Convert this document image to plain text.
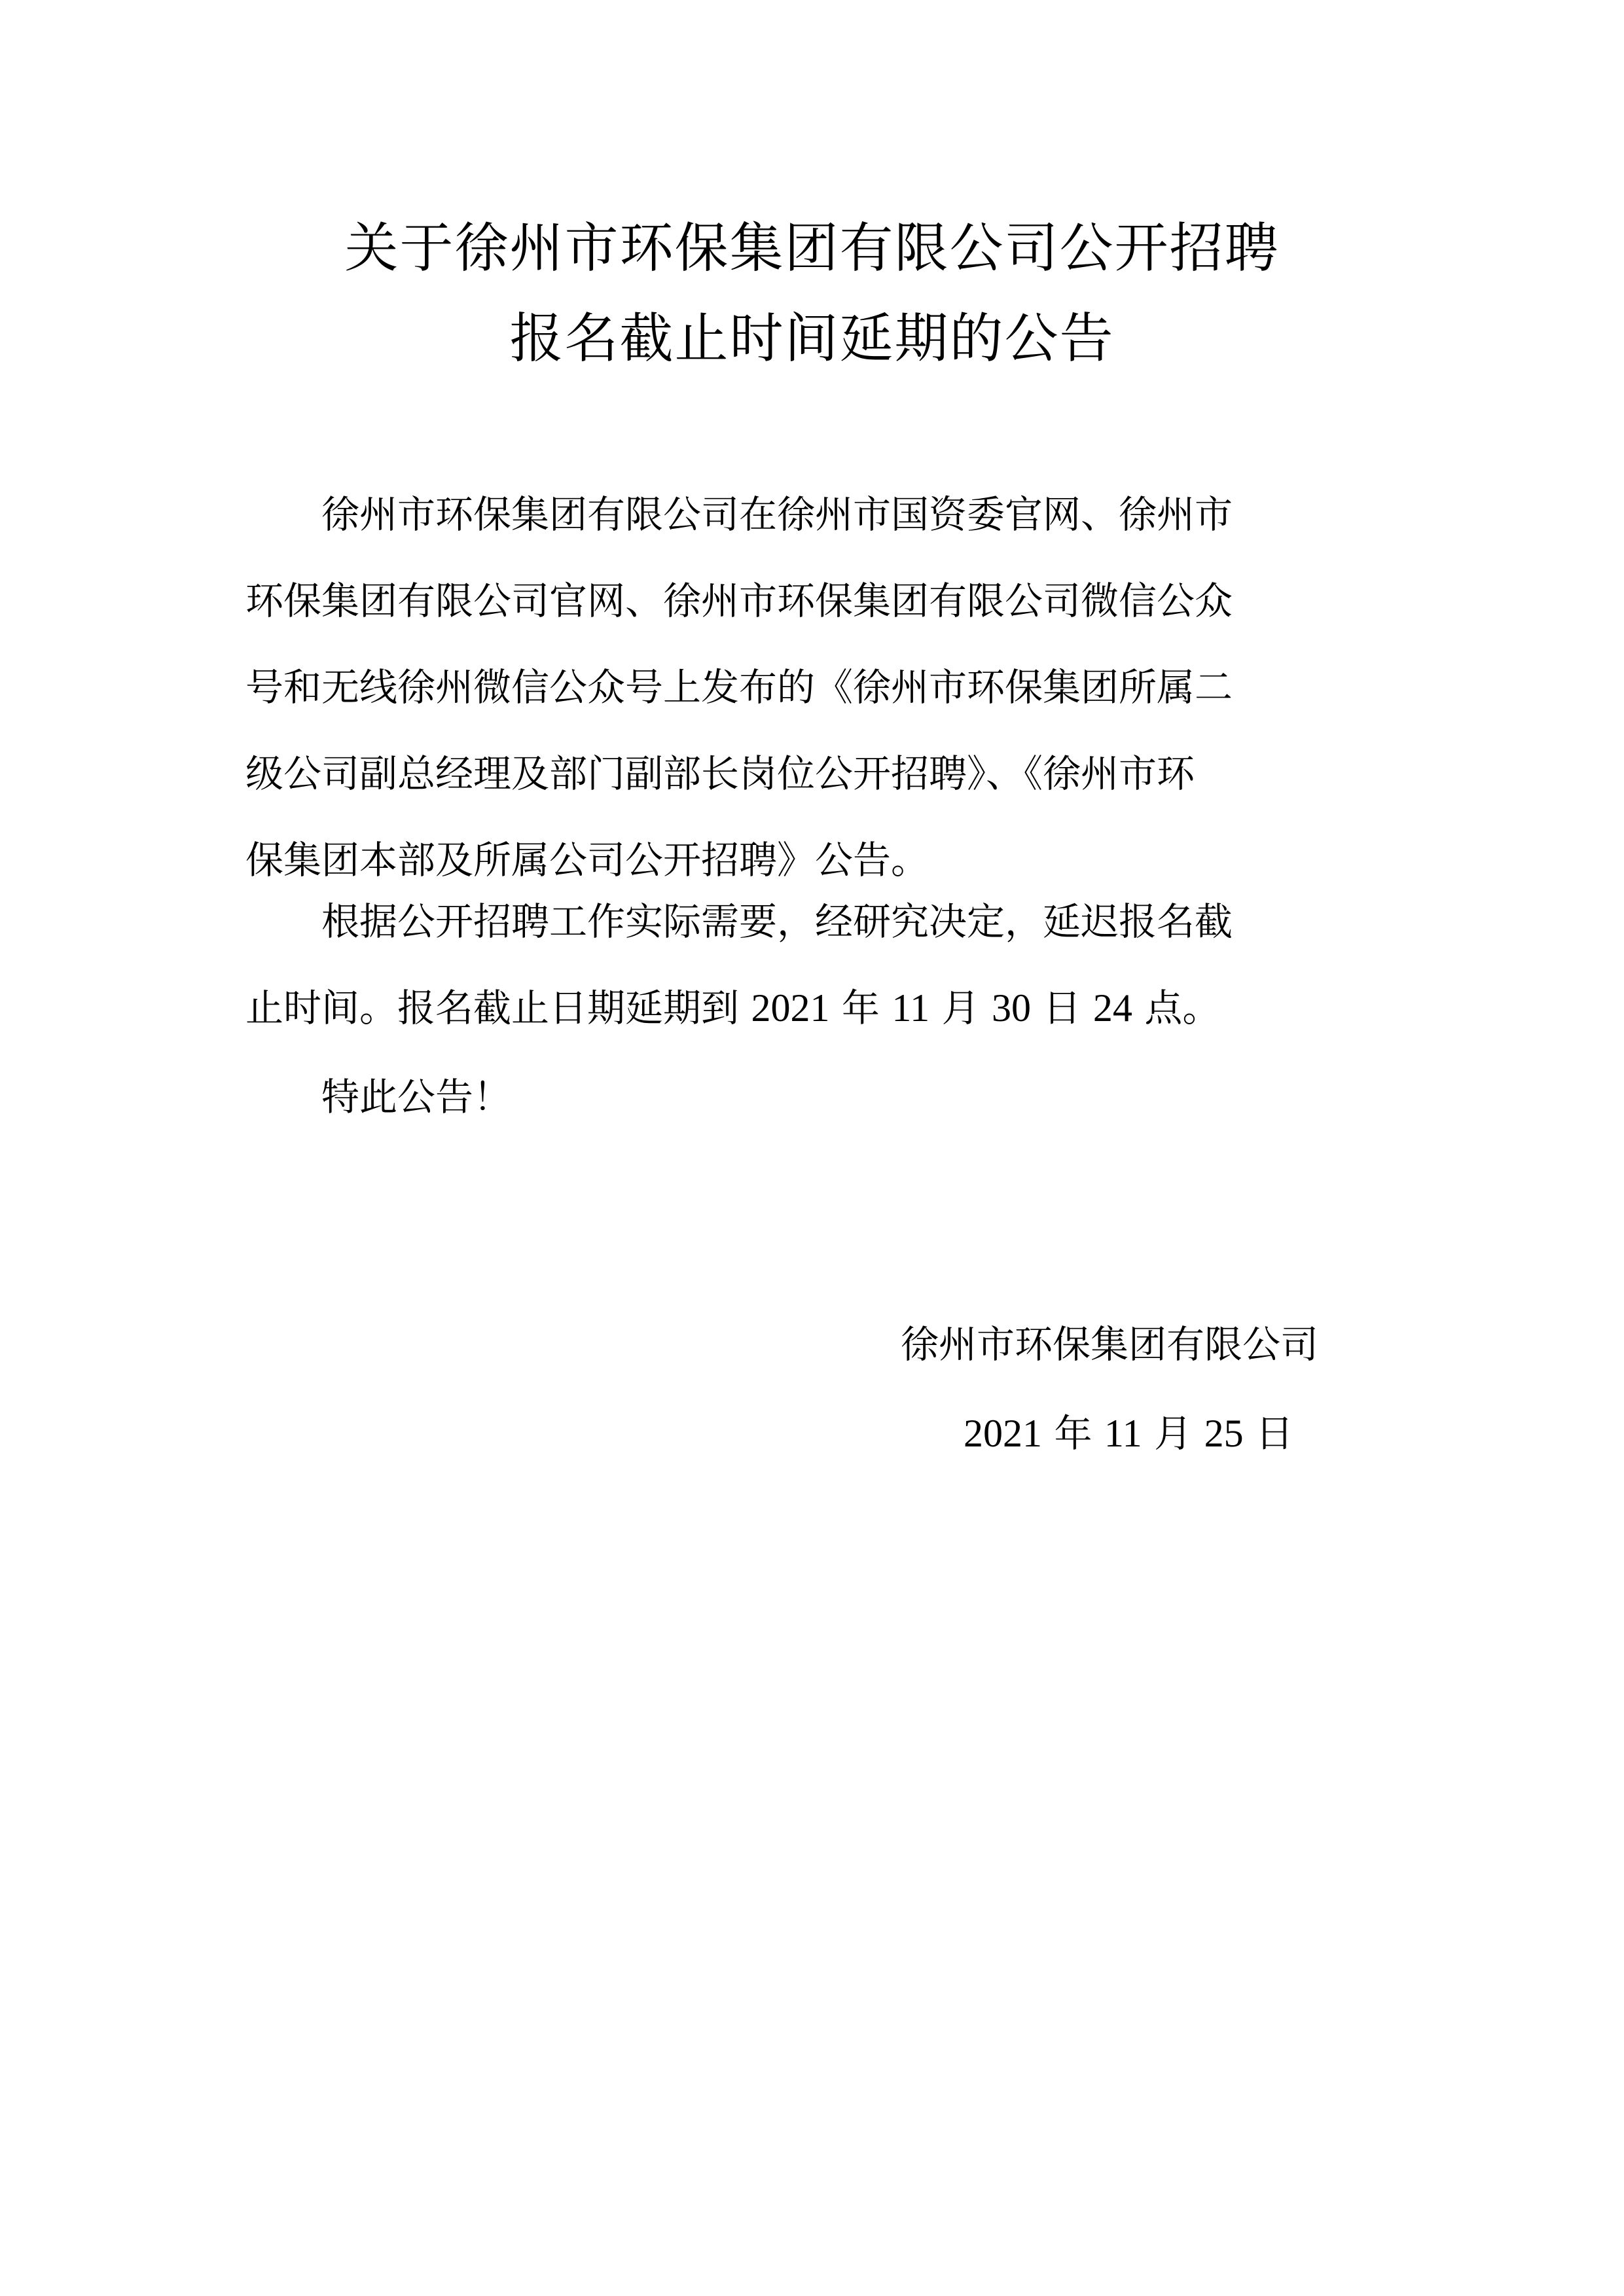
关于徐州市环保集团有限公司公开招聘
报名截止时间延期的公告
　　徐州市环保集团有限公司在徐州市国资委官网、徐州市
环保集团有限公司官网、徐州市环保集团有限公司微信公众
号和无线徐州微信公众号上发布的《徐州市环保集团所属二
级公司副总经理及部门副部长岗位公开招聘》、《徐州市环
保集团本部及所属公司公开招聘》公告。
　　根据公开招聘工作实际需要，经研究决定，延迟报名截
止时间。报名截止日期延期到 2021 年 11 月 30 日 24 点。
　　特此公告！
徐州市环保集团有限公司
2021 年 11 月 25 日
